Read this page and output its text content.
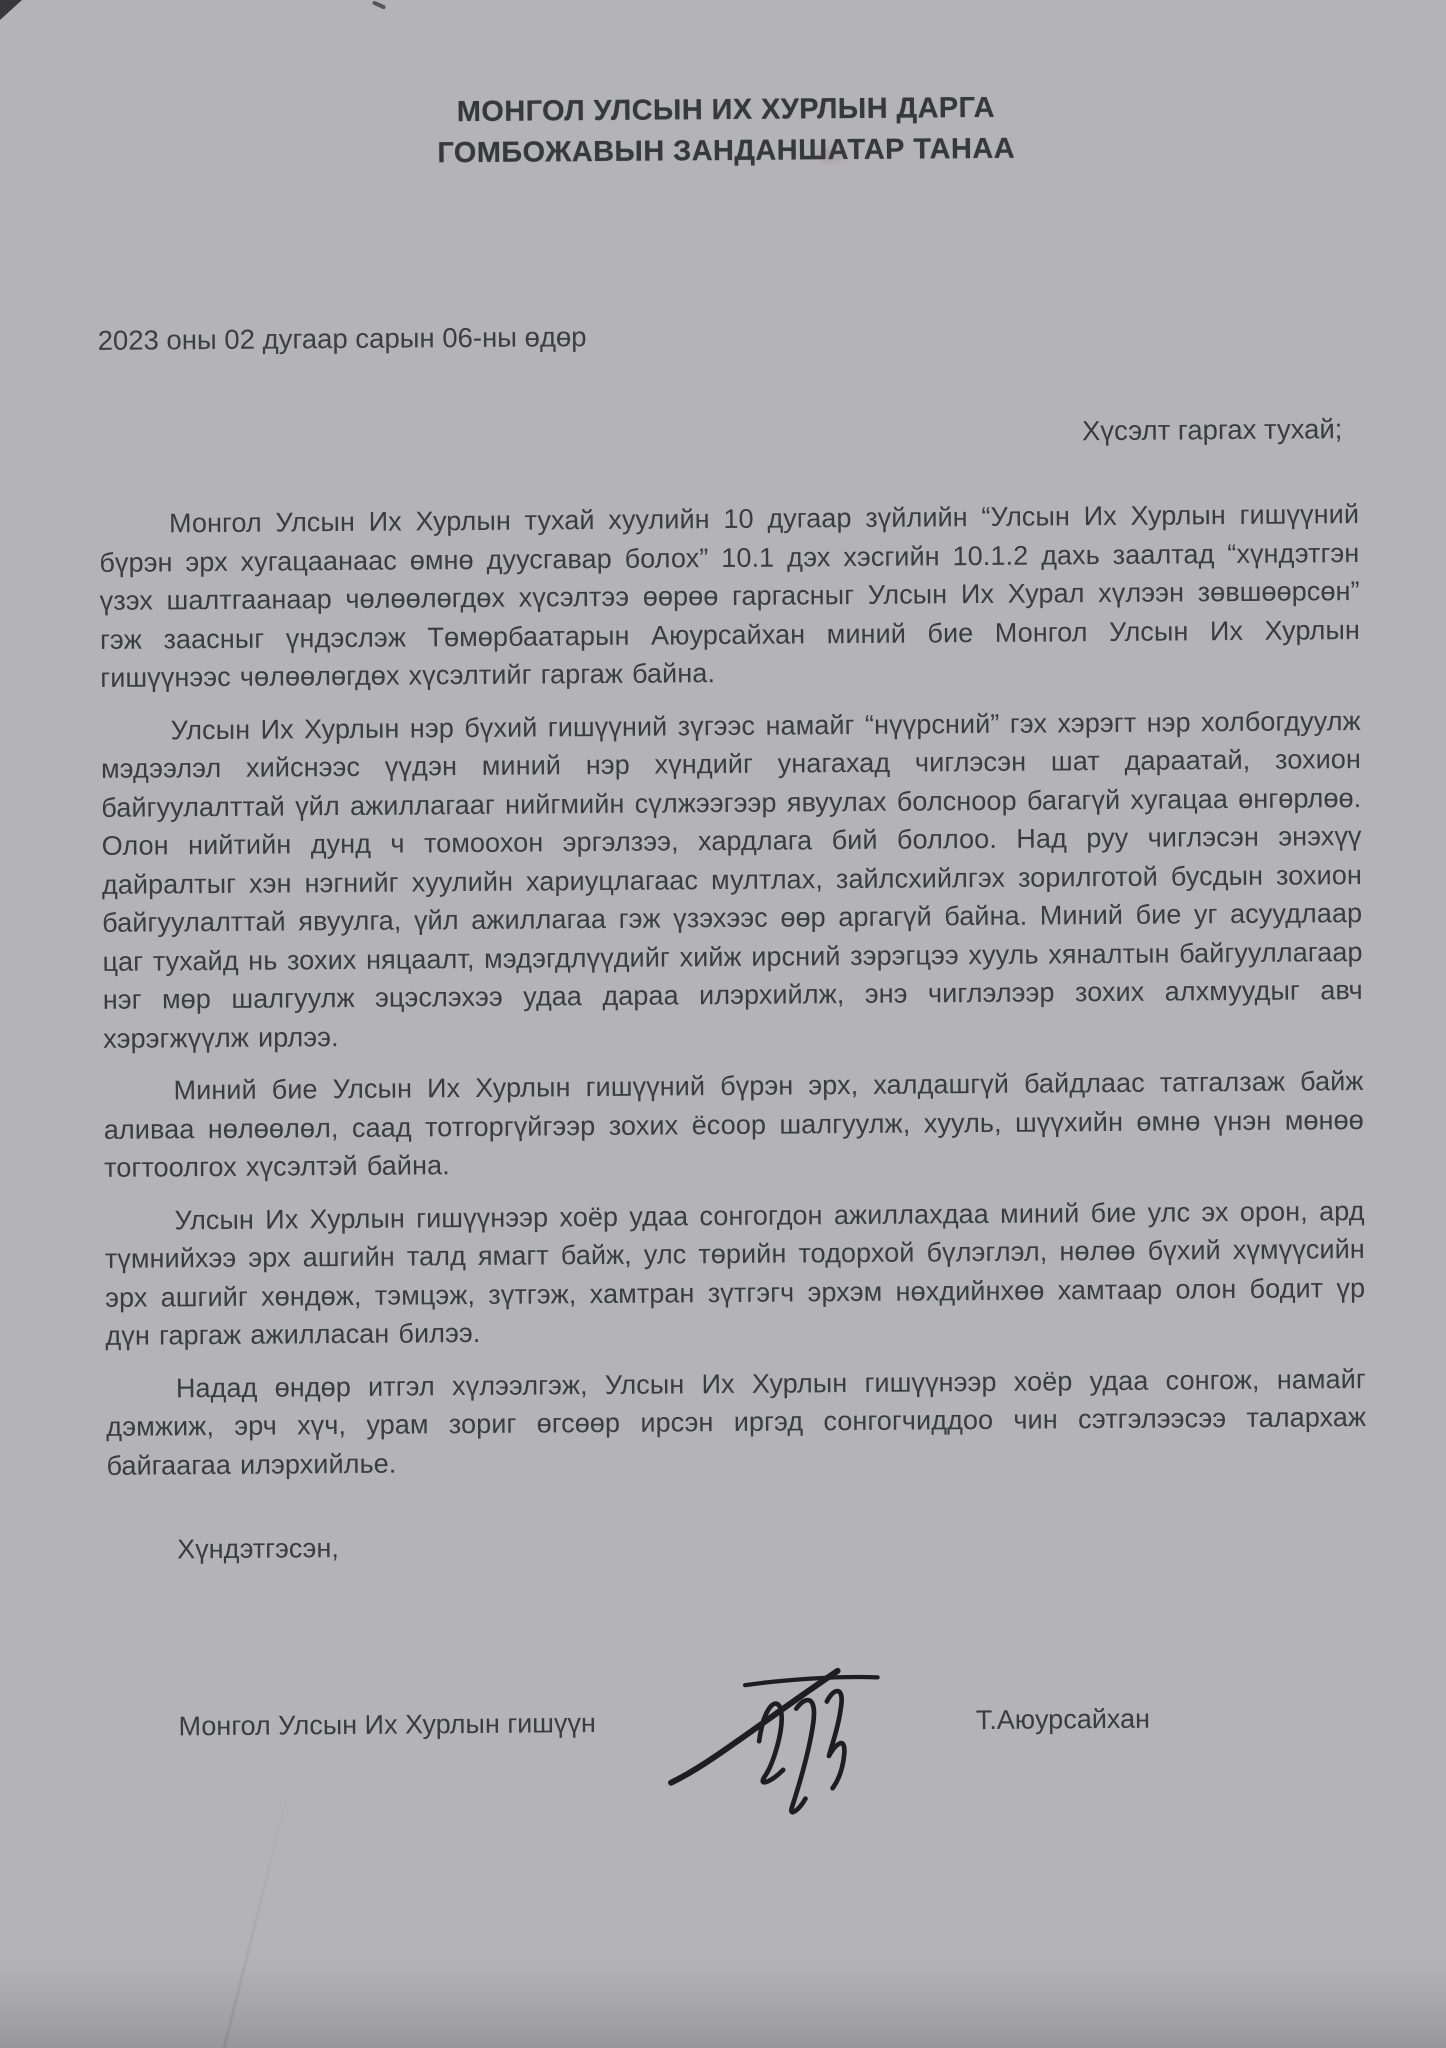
МОНГОЛ УЛСЫН ИХ ХУРЛЫН ДАРГА
ГОМБОЖАВЫН ЗАНДАНШАТАР ТАНАА
2023 оны 02 дугаар сарын 06-ны өдөр
Хүсэлт гаргах тухай;

Монгол Улсын Их Хурлын тухай хуулийн 10 дугаар зүйлийн “Улсын Их Хурлын гишүүний бүрэн эрх хугацаанаас өмнө дуусгавар болох” 10.1 дэх хэсгийн 10.1.2 дахь заалтад “хүндэтгэн үзэх шалтгаанаар чөлөөлөгдөх хүсэлтээ өөрөө гаргасныг Улсын Их Хурал хүлээн зөвшөөрсөн” гэж заасныг үндэслэж Төмөрбаатарын Аюурсайхан миний бие Монгол Улсын Их Хурлын гишүүнээс чөлөөлөгдөх хүсэлтийг гаргаж байна.

Улсын Их Хурлын нэр бүхий гишүүний зүгээс намайг “нүүрсний” гэх хэрэгт нэр холбогдуулж мэдээлэл хийснээс үүдэн миний нэр хүндийг унагахад чиглэсэн шат дараатай, зохион байгуулалттай үйл ажиллагааг нийгмийн сүлжээгээр явуулах болсноор багагүй хугацаа өнгөрлөө. Олон нийтийн дунд ч томоохон эргэлзээ, хардлага бий боллоо. Над руу чиглэсэн энэхүү дайралтыг хэн нэгнийг хуулийн хариуцлагаас мултлах, зайлсхийлгэх зорилготой бусдын зохион байгуулалттай явуулга, үйл ажиллагаа гэж үзэхээс өөр аргагүй байна. Миний бие уг асуудлаар цаг тухайд нь зохих няцаалт, мэдэгдлүүдийг хийж ирсний зэрэгцээ хууль хяналтын байгууллагаар нэг мөр шалгуулж эцэслэхээ удаа дараа илэрхийлж, энэ чиглэлээр зохих алхмуудыг авч хэрэгжүүлж ирлээ.

Миний бие Улсын Их Хурлын гишүүний бүрэн эрх, халдашгүй байдлаас татгалзаж байж аливаа нөлөөлөл, саад тотгоргүйгээр зохих ёсоор шалгуулж, хууль, шүүхийн өмнө үнэн мөнөө тогтоолгох хүсэлтэй байна.

Улсын Их Хурлын гишүүнээр хоёр удаа сонгогдон ажиллахдаа миний бие улс эх орон, ард түмнийхээ эрх ашгийн талд ямагт байж, улс төрийн тодорхой бүлэглэл, нөлөө бүхий хүмүүсийн эрх ашгийг хөндөж, тэмцэж, зүтгэж, хамтран зүтгэгч эрхэм нөхдийнхөө хамтаар олон бодит үр дүн гаргаж ажилласан билээ.

Надад өндөр итгэл хүлээлгэж, Улсын Их Хурлын гишүүнээр хоёр удаа сонгож, намайг дэмжиж, эрч хүч, урам зориг өгсөөр ирсэн иргэд сонгогчиддоо чин сэтгэлээсээ талархаж байгаагаа илэрхийлье.

Хүндэтгэсэн,
Монгол Улсын Их Хурлын гишүүн	Т.Аюурсайхан
